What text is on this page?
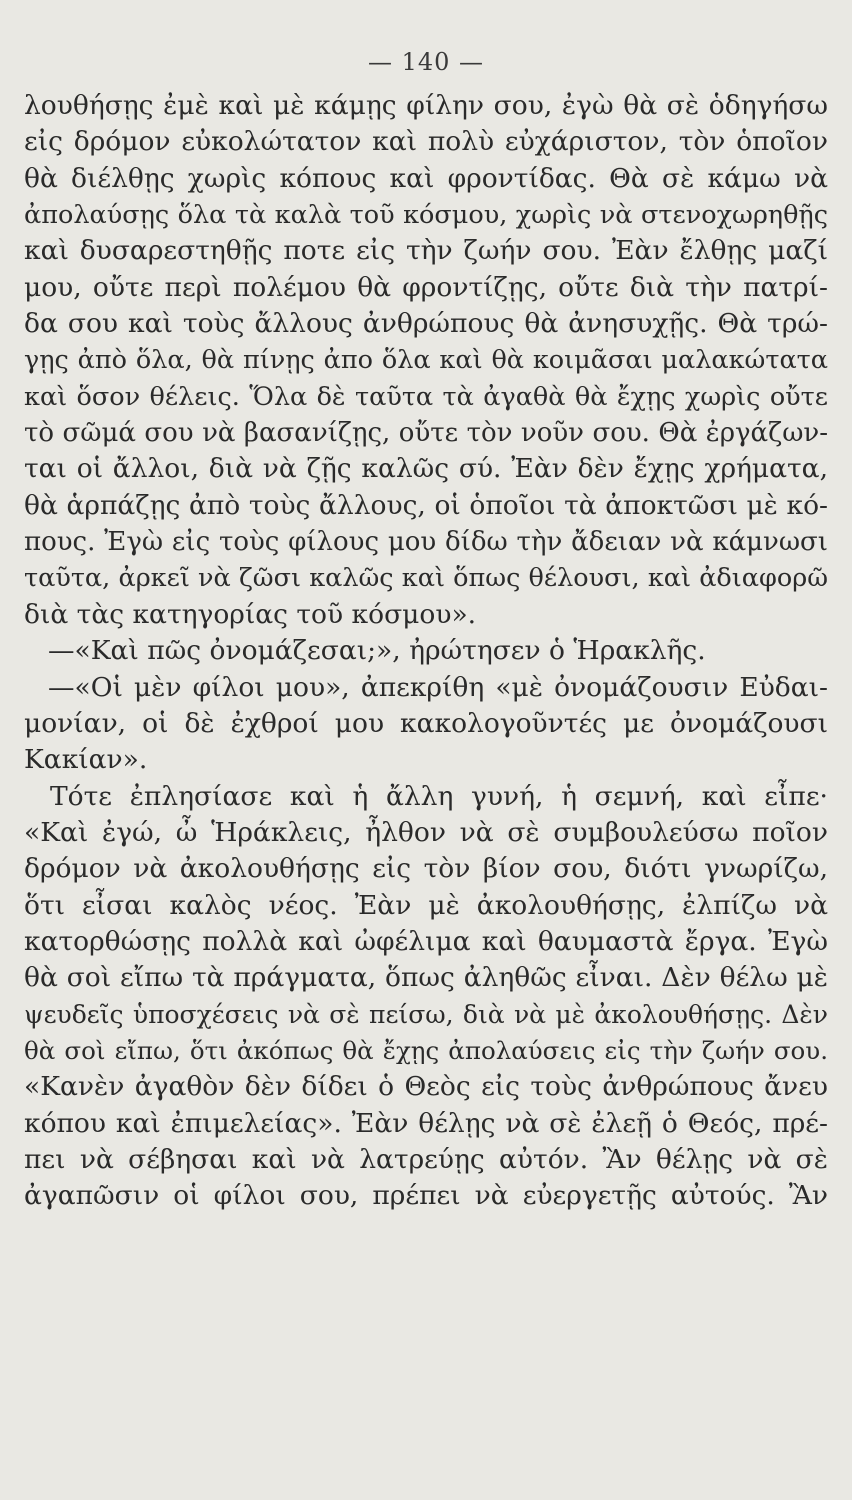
— 140 —
λουθήσῃς ἐμὲ καὶ μὲ κάμῃς φίλην σου, ἐγὼ θὰ σὲ ὁδηγήσω
εἰς δρόμον εὐκολώτατον καὶ πολὺ εὐχάριστον, τὸν ὁποῖον
θὰ διέλθῃς χωρὶς κόπους καὶ φροντίδας. Θὰ σὲ κάμω νὰ
ἀπολαύσῃς ὅλα τὰ καλὰ τοῦ κόσμου, χωρὶς νὰ στενοχωρηθῇς
καὶ δυσαρεστηθῇς ποτε εἰς τὴν ζωήν σου. Ἐὰν ἔλθῃς μαζί
μου, οὔτε περὶ πολέμου θὰ φροντίζῃς, οὔτε διὰ τὴν πατρί-
δα σου καὶ τοὺς ἄλλους ἀνθρώπους θὰ ἀνησυχῇς. Θὰ τρώ-
γῃς ἀπὸ ὅλα, θὰ πίνῃς ἀπο ὅλα καὶ θὰ κοιμᾶσαι μαλακώτατα
καὶ ὅσον θέλεις. Ὅλα δὲ ταῦτα τὰ ἀγαθὰ θὰ ἔχῃς χωρὶς οὔτε
τὸ σῶμά σου νὰ βασανίζῃς, οὔτε τὸν νοῦν σου. Θὰ ἐργάζων-
ται οἱ ἄλλοι, διὰ νὰ ζῇς καλῶς σύ. Ἐὰν δὲν ἔχῃς χρήματα,
θὰ ἁρπάζῃς ἀπὸ τοὺς ἄλλους, οἱ ὁποῖοι τὰ ἀποκτῶσι μὲ κό-
πους. Ἐγὼ εἰς τοὺς φίλους μου δίδω τὴν ἄδειαν νὰ κάμνωσι
ταῦτα, ἀρκεῖ νὰ ζῶσι καλῶς καὶ ὅπως θέλουσι, καὶ ἀδιαφορῶ
διὰ τὰς κατηγορίας τοῦ κόσμου».
—«Καὶ πῶς ὀνομάζεσαι;», ἠρώτησεν ὁ Ἡρακλῆς.
—«Οἱ μὲν φίλοι μου», ἀπεκρίθη «μὲ ὀνομάζουσιν Εὐδαι-
μονίαν, οἱ δὲ ἐχθροί μου κακολογοῦντές με ὀνομάζουσι
Κακίαν».
Τότε ἐπλησίασε καὶ ἡ ἄλλη γυνή, ἡ σεμνή, καὶ εἶπε·
«Καὶ ἐγώ, ὦ Ἡράκλεις, ἦλθον νὰ σὲ συμβουλεύσω ποῖον
δρόμον νὰ ἀκολουθήσῃς εἰς τὸν βίον σου, διότι γνωρίζω,
ὅτι εἶσαι καλὸς νέος. Ἐὰν μὲ ἀκολουθήσῃς, ἐλπίζω νὰ
κατορθώσῃς πολλὰ καὶ ὠφέλιμα καὶ θαυμαστὰ ἔργα. Ἐγὼ
θὰ σοὶ εἴπω τὰ πράγματα, ὅπως ἀληθῶς εἶναι. Δὲν θέλω μὲ
ψευδεῖς ὑποσχέσεις νὰ σὲ πείσω, διὰ νὰ μὲ ἀκολουθήσῃς. Δὲν
θὰ σοὶ εἴπω, ὅτι ἀκόπως θὰ ἔχῃς ἀπολαύσεις εἰς τὴν ζωήν σου.
«Κανὲν ἀγαθὸν δὲν δίδει ὁ Θεὸς εἰς τοὺς ἀνθρώπους ἄνευ
κόπου καὶ ἐπιμελείας». Ἐὰν θέλῃς νὰ σὲ ἐλεῇ ὁ Θεός, πρέ-
πει νὰ σέβησαι καὶ νὰ λατρεύῃς αὐτόν. Ἂν θέλῃς νὰ σὲ
ἀγαπῶσιν οἱ φίλοι σου, πρέπει νὰ εὐεργετῇς αὐτούς. Ἂν
